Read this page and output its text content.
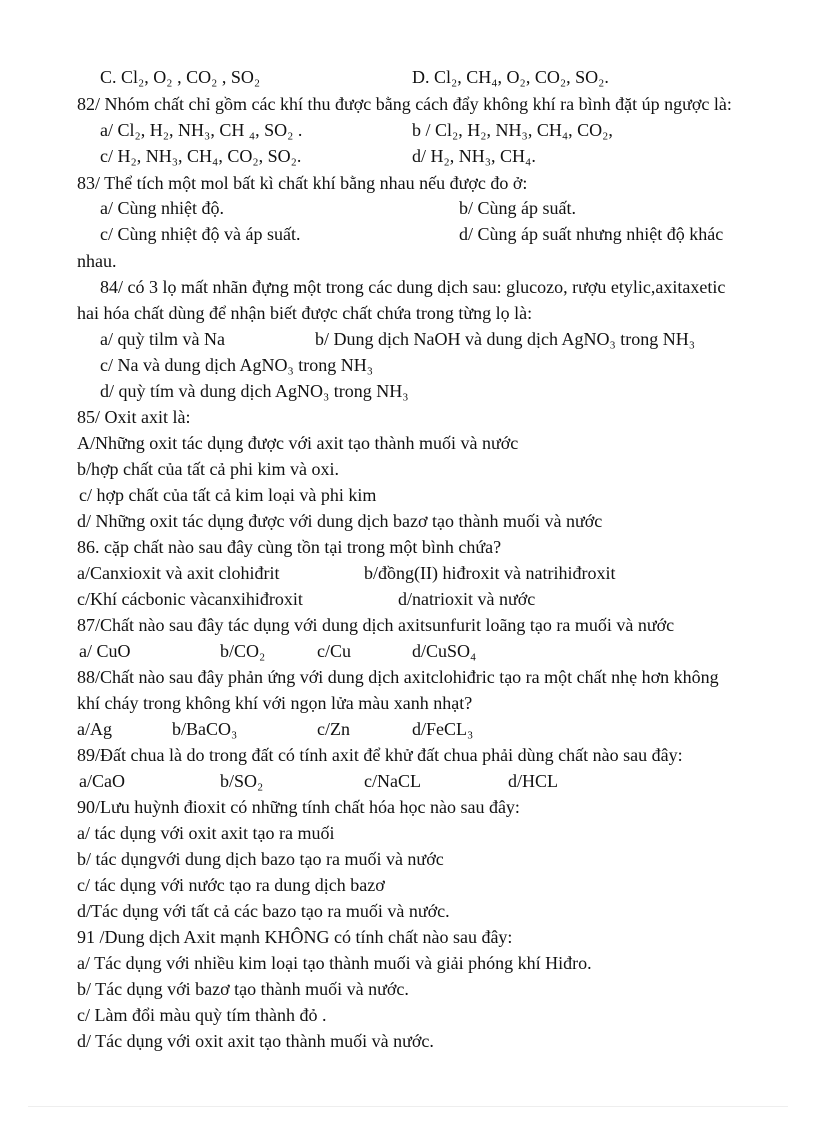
C. Cl₂, O₂ , CO₂ , SO₂	D. Cl₂, CH₄, O₂, CO₂, SO₂.
82/ Nhóm chất chỉ gồm các khí thu được bằng cách đẩy không khí ra bình đặt úp ngược là:
a/ Cl₂, H₂, NH₃, CH ₄, SO₂ .	b / Cl₂, H₂, NH₃, CH₄, CO₂,
c/ H₂, NH₃, CH₄, CO₂, SO₂.	d/ H₂, NH₃, CH₄.
83/ Thể tích một mol bất kì chất khí bằng nhau nếu được đo ở:
a/ Cùng nhiệt độ.	b/ Cùng áp suất.
c/ Cùng nhiệt độ và áp suất.	d/ Cùng áp suất nhưng nhiệt độ khác
nhau.
84/ có 3 lọ mất nhãn đựng một trong các dung dịch sau: glucozo, rượu etylic,axitaxetic
hai hóa chất dùng để nhận biết được chất chứa trong từng lọ là:
a/ quỳ tilm và Na	b/ Dung dịch NaOH và dung dịch AgNO₃ trong NH₃
c/ Na và dung dịch AgNO₃ trong NH₃
d/ quỳ tím và dung dịch AgNO₃ trong NH₃
85/ Oxit axit là:
A/Những oxit tác dụng được với axit tạo thành muối và nước
b/hợp chất của tất cả phi kim và oxi.
c/ hợp chất của tất cả kim loại và phi kim
d/ Những oxit tác dụng được với dung dịch bazơ tạo thành muối và nước
86. cặp chất nào sau đây cùng tồn tại trong một bình chứa?
a/Canxioxit và axit clohiđrit	b/đồng(II) hiđroxit và natrihiđroxit
c/Khí cácbonic vàcanxihiđroxit	d/natrioxit và nước
87/Chất nào sau đây tác dụng với dung dịch axitsunfurit loãng tạo ra muối và nước
a/ CuO	b/CO₂	c/Cu	d/CuSO₄
88/Chất nào sau đây phản ứng với dung dịch axitclohiđric tạo ra một chất nhẹ hơn không
khí cháy trong không khí với ngọn lửa màu xanh nhạt?
a/Ag	b/BaCO₃	c/Zn	d/FeCL₃
89/Đất chua là do trong đất có tính axit để khử đất chua phải dùng chất nào sau đây:
a/CaO	b/SO₂	c/NaCL	d/HCL
90/Lưu huỳnh đioxit có những tính chất hóa học nào sau đây:
a/ tác dụng với oxit axit tạo ra muối
b/ tác dụngvới dung dịch bazo tạo ra muối và nước
c/ tác dụng với nước tạo ra dung dịch bazơ
d/Tác dụng với tất cả các bazo tạo ra muối và nước.
91 /Dung dịch Axit mạnh KHÔNG có tính chất nào sau đây:
a/ Tác dụng với nhiều kim loại tạo thành muối và giải phóng khí Hiđro.
b/ Tác dụng với bazơ tạo thành muối và nước.
c/ Làm đổi màu quỳ tím thành đỏ .
d/ Tác dụng với oxit axit tạo thành muối và nước.
